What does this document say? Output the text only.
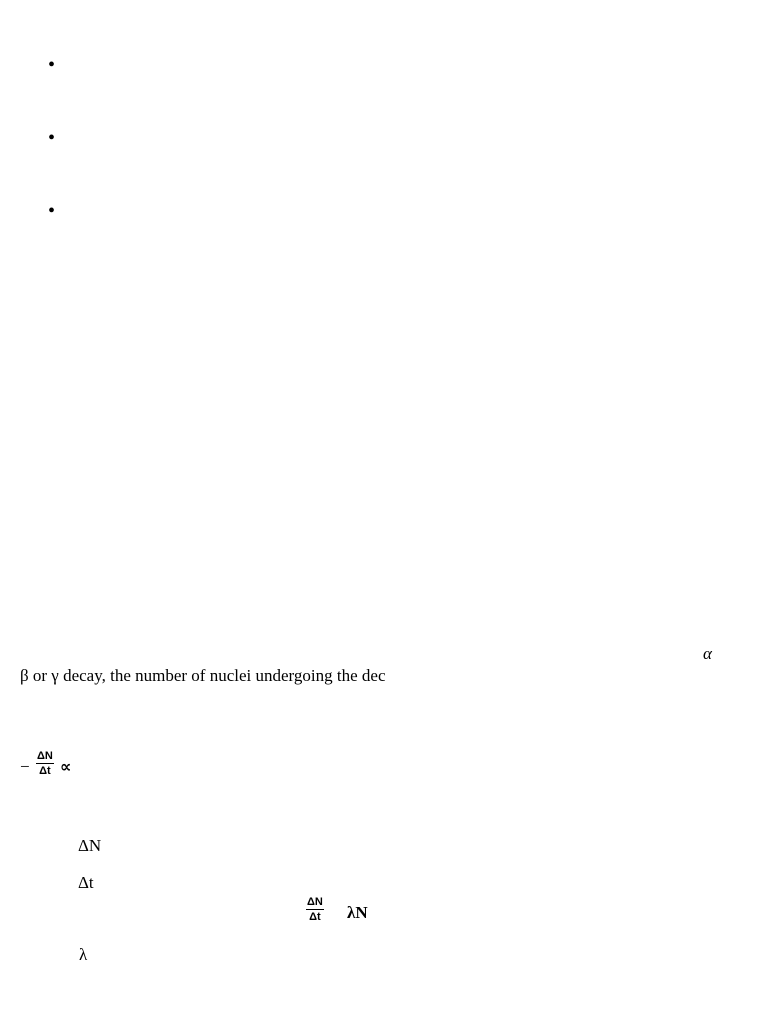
•
•
•
α
β or γ decay, the number of nuclei undergoing the dec
− $\frac{\Delta N}{\Delta t}$ ∝
ΔN
Δt
$\frac{\Delta N}{\Delta t}$ λN
λ
